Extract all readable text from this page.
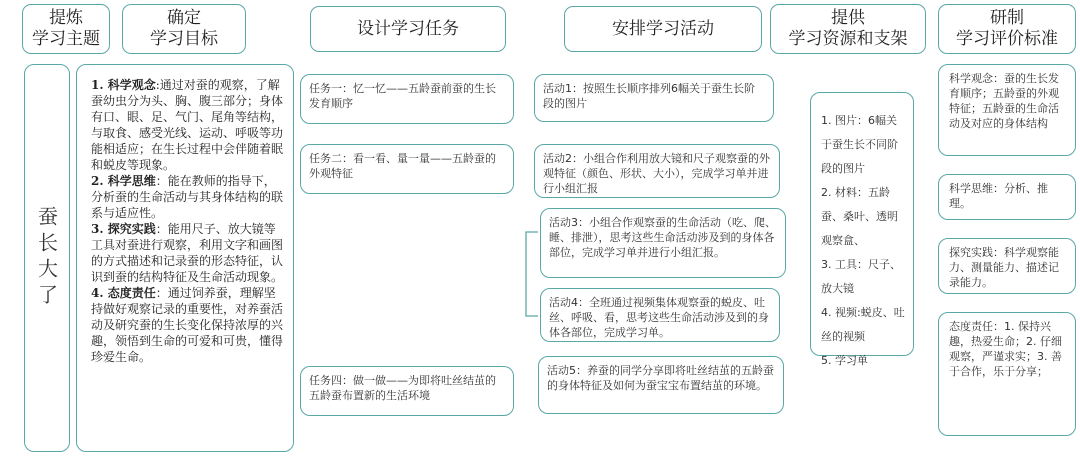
提炼
学习主题
确定
学习目标
设计学习任务	安排学习活动
提供
学习资源和支架
研制
学习评价标准
蚕长大了

1. 科学观念:通过对蚕的观察，了解蚕幼虫分为头、胸、腹三部分；身体有口、眼、足、气门、尾角等结构，与取食、感受光线、运动、呼吸等功能相适应；在生长过程中会伴随着眠和蜕皮等现象。

2. 科学思维：能在教师的指导下，分析蚕的生命活动与其身体结构的联系与适应性。

3. 探究实践：能用尺子、放大镜等工具对蚕进行观察，利用文字和画图的方式描述和记录蚕的形态特征，认识到蚕的结构特征及生命活动现象。

4. 态度责任：通过饲养蚕，理解坚持做好观察记录的重要性，对养蚕活动及研究蚕的生长变化保持浓厚的兴趣，领悟到生命的可爱和可贵，懂得珍爱生命。

任务一：忆一忆——五龄蚕前蚕的生长发育顺序
任务二：看一看、量一量——五龄蚕的外观特征
任务四：做一做——为即将吐丝结茧的五龄蚕布置新的生活环境
活动1：按照生长顺序排列6幅关于蚕生长阶段的图片
活动2：小组合作利用放大镜和尺子观察蚕的外观特征（颜色、形状、大小），完成学习单并进行小组汇报
活动3：小组合作观察蚕的生命活动（吃、爬、睡、排泄），思考这些生命活动涉及到的身体各部位，完成学习单并进行小组汇报。
活动4：全班通过视频集体观察蚕的蜕皮、吐丝、呼吸、看，思考这些生命活动涉及到的身体各部位，完成学习单。
活动5：养蚕的同学分享即将吐丝结茧的五龄蚕的身体特征及如何为蚕宝宝布置结茧的环境。
1. 图片：6幅关于蚕生长不同阶段的图片
2. 材料：五龄蚕、桑叶、透明观察盒、
3. 工具：尺子、放大镜
4. 视频:蜕皮、吐丝的视频
5. 学习单
科学观念：蚕的生长发育顺序；五龄蚕的外观特征；五龄蚕的生命活动及对应的身体结构
科学思维：分析、推理。
探究实践：科学观察能力、测量能力、描述记录能力。
态度责任：1. 保持兴趣，热爱生命；2. 仔细观察，严谨求实；3. 善于合作，乐于分享；
